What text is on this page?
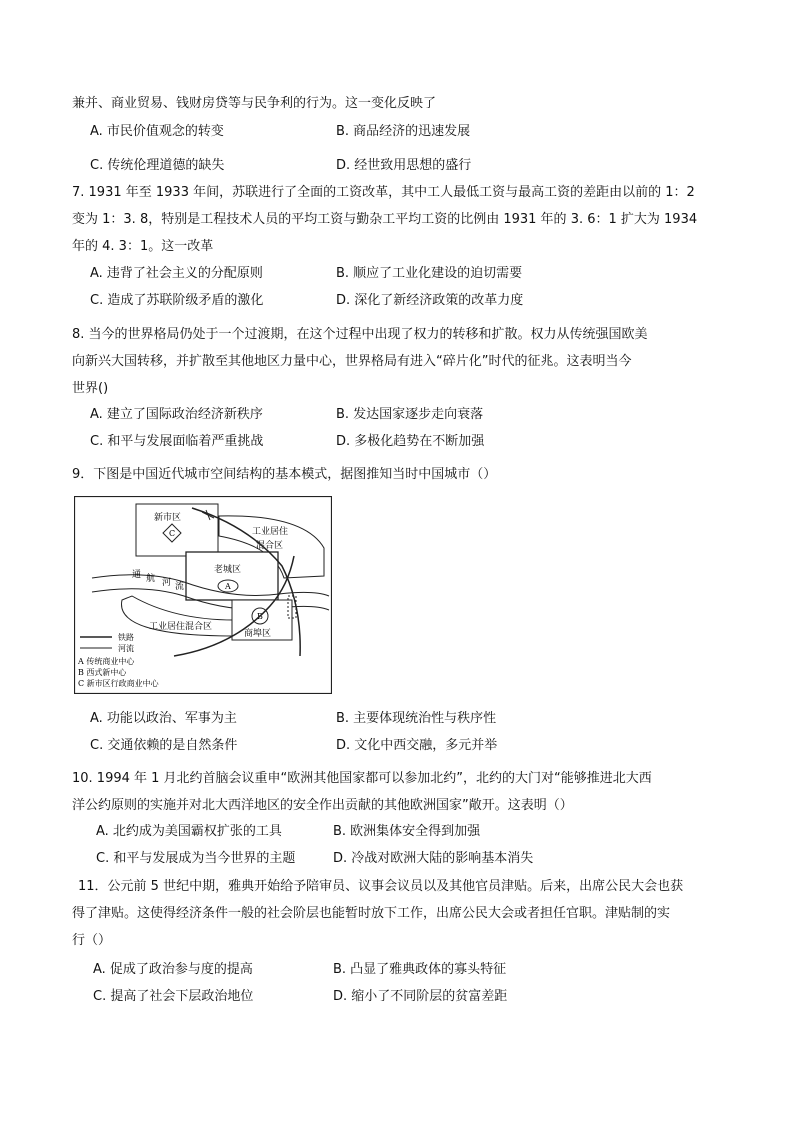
兼并、商业贸易、钱财房贷等与民争利的行为。这一变化反映了
A. 市民价值观念的转变	B. 商品经济的迅速发展
C. 传统伦理道德的缺失	D. 经世致用思想的盛行
7. 1931 年至 1933 年间，苏联进行了全面的工资改革，其中工人最低工资与最高工资的差距由以前的 1：2
变为 1：3. 8，特别是工程技术人员的平均工资与勤杂工平均工资的比例由 1931 年的 3. 6：1 扩大为 1934
年的 4. 3：1。这一改革
A. 违背了社会主义的分配原则	B. 顺应了工业化建设的迫切需要
C. 造成了苏联阶级矛盾的激化	D. 深化了新经济政策的改革力度
8. 当今的世界格局仍处于一个过渡期，在这个过程中出现了权力的转移和扩散。权力从传统强国欧美
向新兴大国转移，并扩散至其他地区力量中心，世界格局有进入“碎片化”时代的征兆。这表明当今
世界()
A. 建立了国际政治经济新秩序	B. 发达国家逐步走向衰落
C. 和平与发展面临着严重挑战	D. 多极化趋势在不断加强
9．下图是中国近代城市空间结构的基本模式，据图推知当时中国城市（）
新市区
C	工业居住
混合区
老城区
A
通 航 河 流
工业居住混合区
B
商埠区
铁路
河流
A 传统商业中心
B 西式新中心
C 新市区行政商业中心
A. 功能以政治、军事为主	B. 主要体现统治性与秩序性
C. 交通依赖的是自然条件	D. 文化中西交融，多元并举
10. 1994 年 1 月北约首脑会议重申“欧洲其他国家都可以参加北约”，北约的大门对“能够推进北大西
洋公约原则的实施并对北大西洋地区的安全作出贡献的其他欧洲国家”敞开。这表明（）
A. 北约成为美国霸权扩张的工具	B. 欧洲集体安全得到加强
C. 和平与发展成为当今世界的主题	D. 冷战对欧洲大陆的影响基本消失
11．公元前 5 世纪中期，雅典开始给予陪审员、议事会议员以及其他官员津贴。后来，出席公民大会也获
得了津贴。这使得经济条件一般的社会阶层也能暂时放下工作，出席公民大会或者担任官职。津贴制的实
行（）
A. 促成了政治参与度的提高	B. 凸显了雅典政体的寡头特征
C. 提高了社会下层政治地位	D. 缩小了不同阶层的贫富差距
